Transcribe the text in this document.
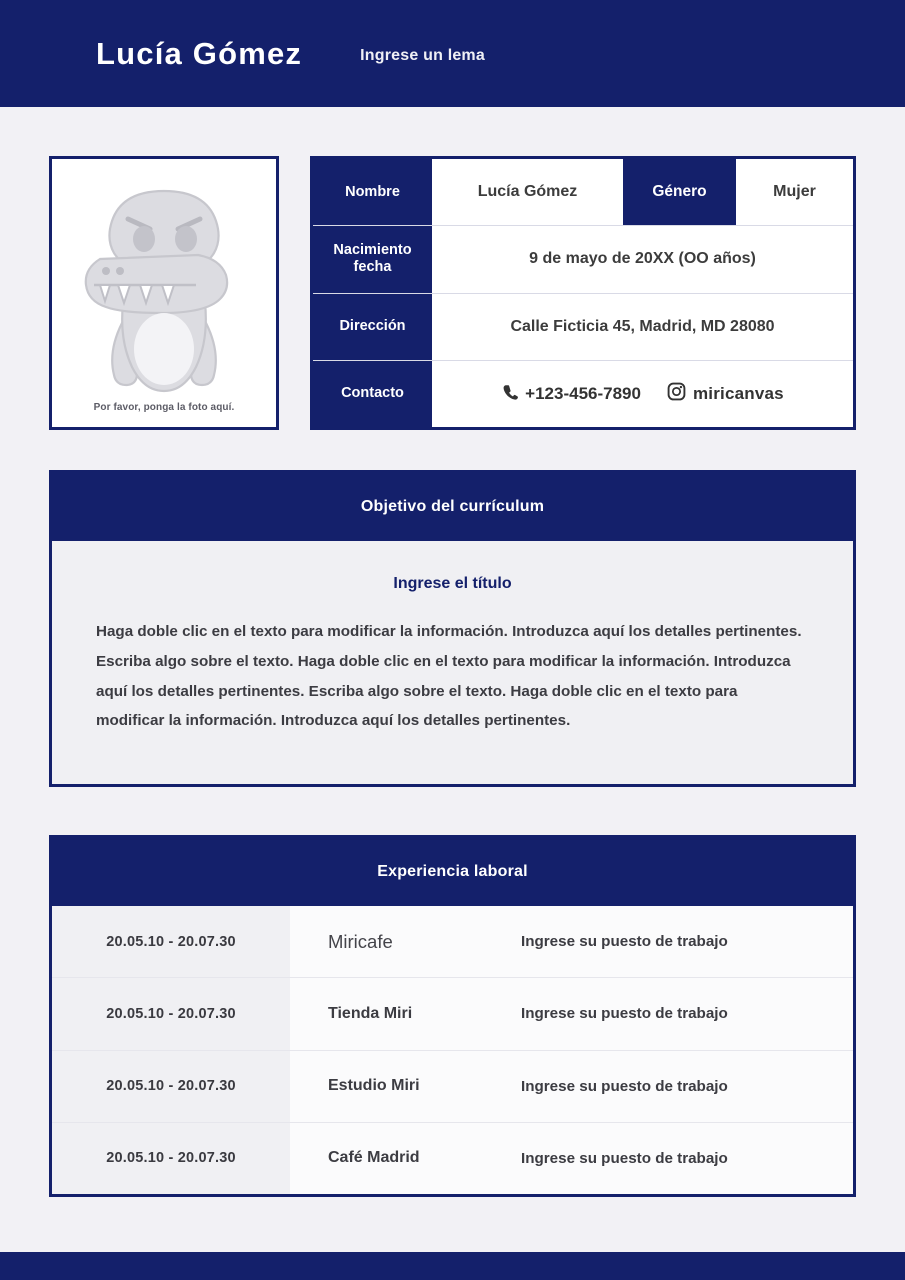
Lucía Gómez	Ingrese un lema
Por favor, ponga la foto aquí.
Nombre	Lucía Gómez	Género	Mujer
Nacimiento fecha	9 de mayo de 20XX (OO años)
Dirección	Calle Ficticia 45, Madrid, MD 28080
Contacto	+123-456-7890	miricanvas
Objetivo del currículum
Ingrese el título
Haga doble clic en el texto para modificar la información. Introduzca aquí los detalles pertinentes. Escriba algo sobre el texto. Haga doble clic en el texto para modificar la información. Introduzca aquí los detalles pertinentes. Escriba algo sobre el texto. Haga doble clic en el texto para modificar la información. Introduzca aquí los detalles pertinentes.
Experiencia laboral
20.05.10 - 20.07.30	Miricafe	Ingrese su puesto de trabajo
20.05.10 - 20.07.30	Tienda Miri	Ingrese su puesto de trabajo
20.05.10 - 20.07.30	Estudio Miri	Ingrese su puesto de trabajo
20.05.10 - 20.07.30	Café Madrid	Ingrese su puesto de trabajo
